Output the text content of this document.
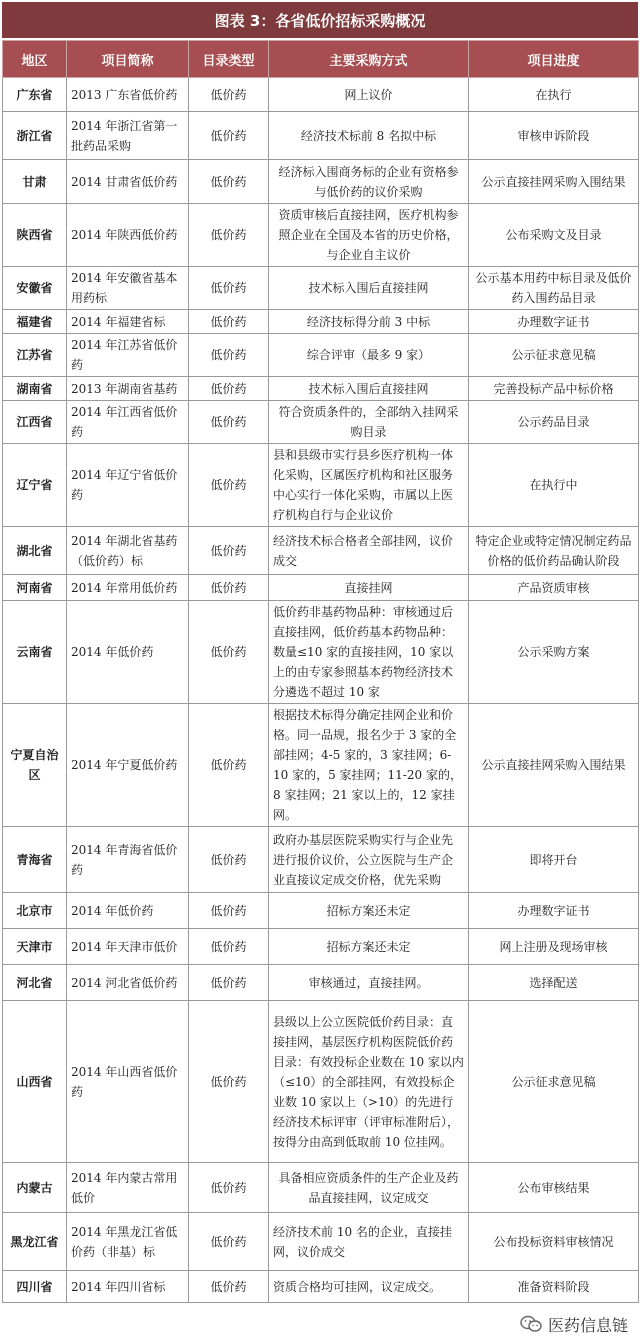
图表 3：各省低价招标采购概况
地区	项目简称	目录类型	主要采购方式	项目进度
广东省	2013 广东省低价药	低价药	网上议价	在执行
浙江省	2014 年浙江省第一批药品采购	低价药	经济技术标前 8 名拟中标	审核申诉阶段
甘肃	2014 甘肃省低价药	低价药	经济标入围商务标的企业有资格参与低价药的议价采购	公示直接挂网采购入围结果
陕西省	2014 年陕西低价药	低价药	资质审核后直接挂网，医疗机构参照企业在全国及本省的历史价格，与企业自主议价	公布采购文及目录
安徽省	2014 年安徽省基本用药标	低价药	技术标入围后直接挂网	公示基本用药中标目录及低价药入围药品目录
福建省	2014 年福建省标	低价药	经济技标得分前 3 中标	办理数字证书
江苏省	2014 年江苏省低价药	低价药	综合评审（最多 9 家）	公示征求意见稿
湖南省	2013 年湖南省基药	低价药	技术标入围后直接挂网	完善投标产品中标价格
江西省	2014 年江西省低价药	低价药	符合资质条件的，全部纳入挂网采购目录	公示药品目录
辽宁省	2014 年辽宁省低价药	低价药	县和县级市实行县乡医疗机构一体化采购，区属医疗机构和社区服务中心实行一体化采购，市属以上医疗机构自行与企业议价	在执行中
湖北省	2014 年湖北省基药（低价药）标	低价药	经济技术标合格者全部挂网，议价成交	特定企业或特定情况制定药品价格的低价药品确认阶段
河南省	2014 年常用低价药	低价药	直接挂网	产品资质审核
云南省	2014 年低价药	低价药	低价药非基药物品种：审核通过后直接挂网，低价药基本药物品种：数量≤10 家的直接挂网，10 家以上的由专家参照基本药物经济技术分遴选不超过 10 家	公示采购方案
宁夏自治区	2014 年宁夏低价药	低价药	根据技术标得分确定挂网企业和价格。同一品规，报名少于 3 家的全部挂网；4-5 家的，3 家挂网；6-10 家的，5 家挂网；11-20 家的，8 家挂网；21 家以上的，12 家挂网。	公示直接挂网采购入围结果
青海省	2014 年青海省低价药	低价药	政府办基层医院采购实行与企业先进行报价议价，公立医院与生产企业直接议定成交价格，优先采购	即将开台
北京市	2014 年低价药	低价药	招标方案还未定	办理数字证书
天津市	2014 年天津市低价	低价药	招标方案还未定	网上注册及现场审核
河北省	2014 河北省低价药	低价药	审核通过，直接挂网。	选择配送
山西省	2014 年山西省低价药	低价药	县级以上公立医院低价药目录：直接挂网，基层医疗机构医院低价药目录：有效投标企业数在 10 家以内（≤10）的全部挂网，有效投标企业数 10 家以上（>10）的先进行经济技术标评审（评审标准附后），按得分由高到低取前 10 位挂网。	公示征求意见稿
内蒙古	2014 年内蒙古常用低价	低价药	具备相应资质条件的生产企业及药品直接挂网，议定成交	公布审核结果
黑龙江省	2014 年黑龙江省低价药（非基）标	低价药	经济技术前 10 名的企业，直接挂网，议价成交	公布投标资料审核情况
四川省	2014 年四川省标	低价药	资质合格均可挂网，议定成交。	准备资料阶段
医药信息链
